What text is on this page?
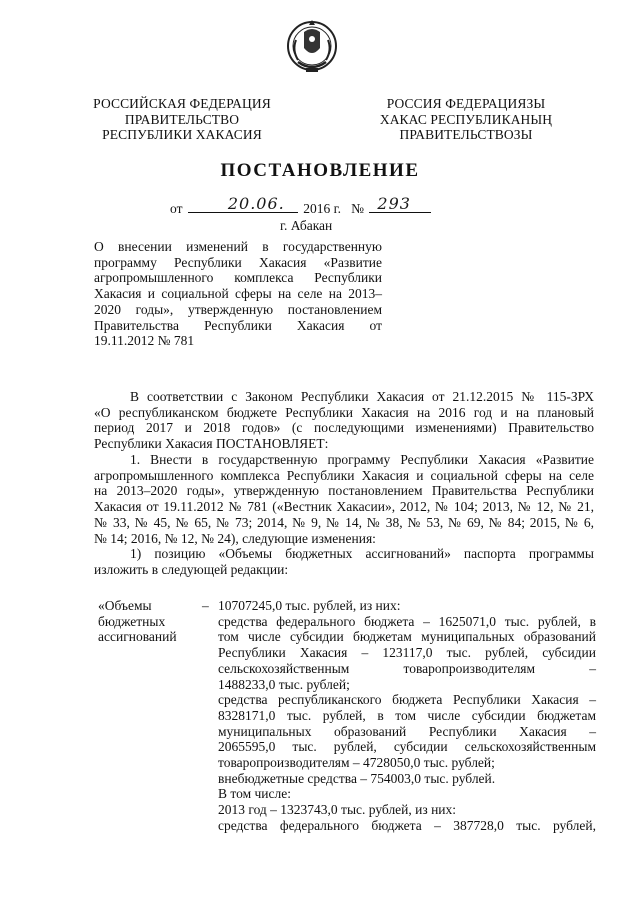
РОССИЙСКАЯ ФЕДЕРАЦИЯ
ПРАВИТЕЛЬСТВО
РЕСПУБЛИКИ ХАКАСИЯ
РОССИЯ ФЕДЕРАЦИЯЗЫ
ХАКАС РЕСПУБЛИКАНЫҢ
ПРАВИТЕЛЬСТВОЗЫ
ПОСТАНОВЛЕНИЕ
от	20.06. 2016 г. № 293
г. Абакан
О внесении изменений в государственную
программу Республики Хакасия «Развитие
агропромышленного комплекса Республики
Хакасия и социальной сферы на селе на 2013–
2020 годы», утвержденную постановлением
Правительства Республики Хакасия от
19.11.2012 № 781
В соответствии с Законом Республики Хакасия от 21.12.2015 № 115-ЗРХ
«О республиканском бюджете Республики Хакасия на 2016 год и на плановый
период 2017 и 2018 годов» (с последующими изменениями) Правительство
Республики Хакасия ПОСТАНОВЛЯЕТ:
1. Внести в государственную программу Республики Хакасия «Развитие
агропромышленного комплекса Республики Хакасия и социальной сферы на селе
на 2013–2020 годы», утвержденную постановлением Правительства Республики
Хакасия от 19.11.2012 № 781 («Вестник Хакасии», 2012, № 104; 2013, № 12, № 21,
№ 33, № 45, № 65, № 73; 2014, № 9, № 14, № 38, № 53, № 69, № 84; 2015, № 6,
№ 14; 2016, № 12, № 24), следующие изменения:
1) позицию «Объемы бюджетных ассигнований» паспорта программы
изложить в следующей редакции:
«Объемы
бюджетных
ассигнований
– 10707245,0 тыс. рублей, из них:
средства федерального бюджета – 1625071,0 тыс. рублей, в
том числе субсидии бюджетам муниципальных образований
Республики Хакасия – 123117,0 тыс. рублей, субсидии
сельскохозяйственным товаропроизводителям –
1488233,0 тыс. рублей;
средства республиканского бюджета Республики Хакасия –
8328171,0 тыс. рублей, в том числе субсидии бюджетам
муниципальных образований Республики Хакасия –
2065595,0 тыс. рублей, субсидии сельскохозяйственным
товаропроизводителям – 4728050,0 тыс. рублей;
внебюджетные средства – 754003,0 тыс. рублей.
В том числе:
2013 год – 1323743,0 тыс. рублей, из них:
средства федерального бюджета – 387728,0 тыс. рублей,
